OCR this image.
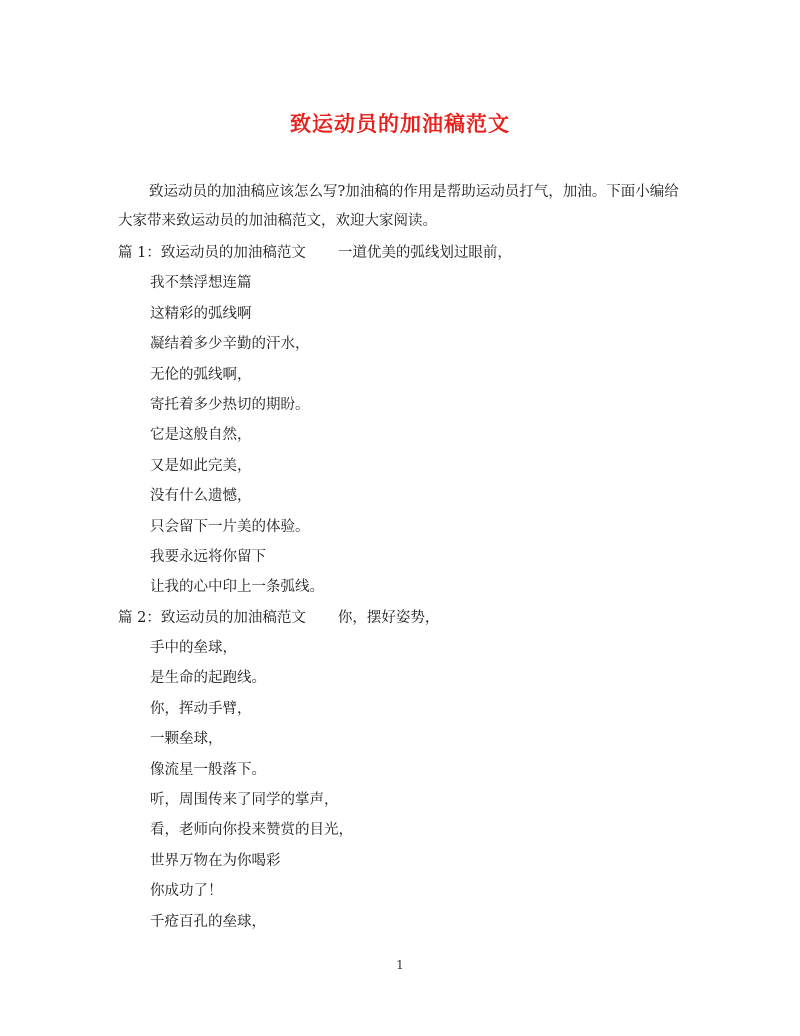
致运动员的加油稿范文
致运动员的加油稿应该怎么写?加油稿的作用是帮助运动员打气，加油。下面小编给大家带来致运动员的加油稿范文，欢迎大家阅读。
篇 1：致运动员的加油稿范文 一道优美的弧线划过眼前，
我不禁浮想连篇
这精彩的弧线啊
凝结着多少辛勤的汗水，
无伦的弧线啊，
寄托着多少热切的期盼。
它是这般自然，
又是如此完美，
没有什么遗憾，
只会留下一片美的体验。
我要永远将你留下
让我的心中印上一条弧线。
篇 2：致运动员的加油稿范文 你，摆好姿势，
手中的垒球，
是生命的起跑线。
你，挥动手臂，
一颗垒球，
像流星一般落下。
听，周围传来了同学的掌声，
看，老师向你投来赞赏的目光，
世界万物在为你喝彩
你成功了！
千疮百孔的垒球，
1
